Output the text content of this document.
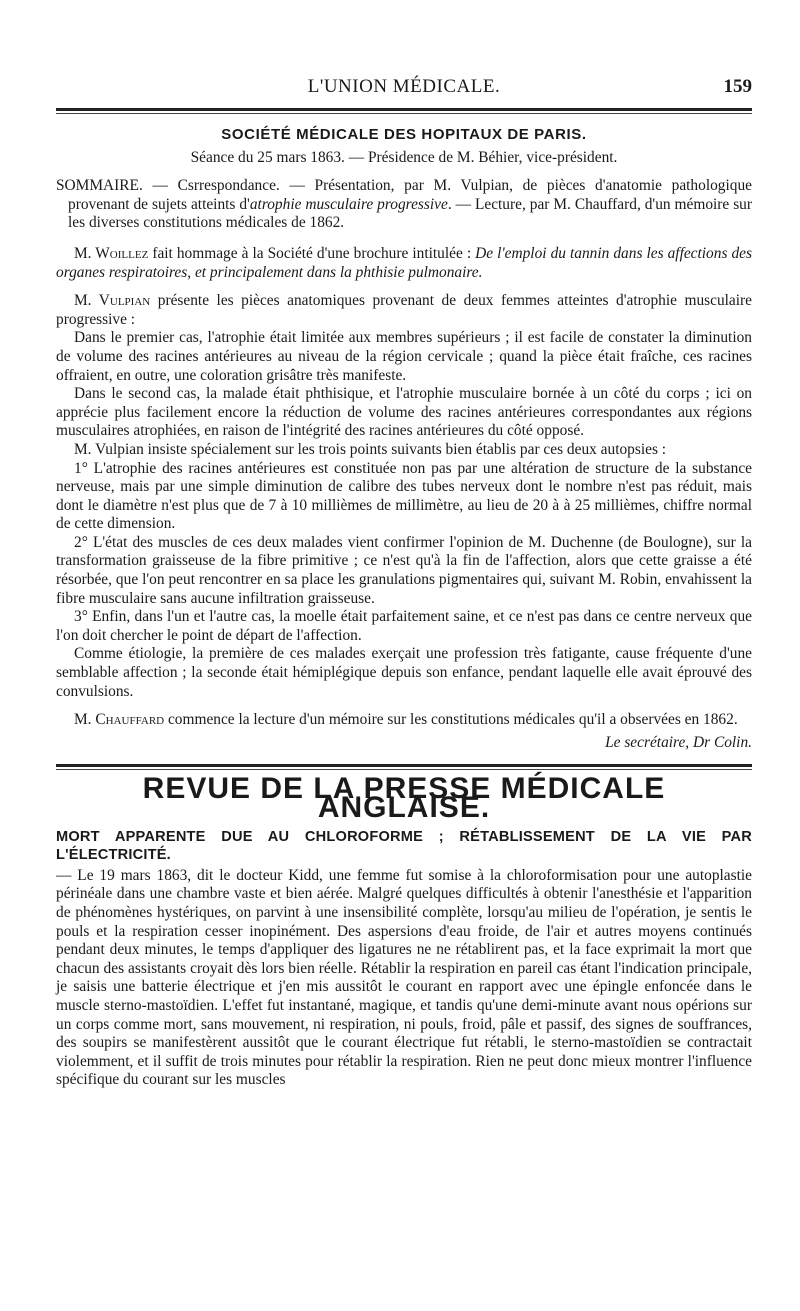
L'UNION MÉDICALE.	159
SOCIÉTÉ MÉDICALE DES HOPITAUX DE PARIS.
Séance du 25 mars 1863. — Présidence de M. Béhier, vice-président.
SOMMAIRE. — Csrrespondance. — Présentation, par M. Vulpian, de pièces d'anatomie pathologique provenant de sujets atteints d'atrophie musculaire progressive. — Lecture, par M. Chauffard, d'un mémoire sur les diverses constitutions médicales de 1862.

M. Woillez fait hommage à la Société d'une brochure intitulée : De l'emploi du tannin dans les affections des organes respiratoires, et principalement dans la phthisie pulmonaire.

M. Vulpian présente les pièces anatomiques provenant de deux femmes atteintes d'atrophie musculaire progressive :

Dans le premier cas, l'atrophie était limitée aux membres supérieurs ; il est facile de constater la diminution de volume des racines antérieures au niveau de la région cervicale ; quand la pièce était fraîche, ces racines offraient, en outre, une coloration grisâtre très manifeste.

Dans le second cas, la malade était phthisique, et l'atrophie musculaire bornée à un côté du corps ; ici on apprécie plus facilement encore la réduction de volume des racines antérieures correspondantes aux régions musculaires atrophiées, en raison de l'intégrité des racines antérieures du côté opposé.

M. Vulpian insiste spécialement sur les trois points suivants bien établis par ces deux autopsies :

1° L'atrophie des racines antérieures est constituée non pas par une altération de structure de la substance nerveuse, mais par une simple diminution de calibre des tubes nerveux dont le nombre n'est pas réduit, mais dont le diamètre n'est plus que de 7 à 10 millièmes de millimètre, au lieu de 20 à à 25 millièmes, chiffre normal de cette dimension.

2° L'état des muscles de ces deux malades vient confirmer l'opinion de M. Duchenne (de Boulogne), sur la transformation graisseuse de la fibre primitive ; ce n'est qu'à la fin de l'affection, alors que cette graisse a été résorbée, que l'on peut rencontrer en sa place les granulations pigmentaires qui, suivant M. Robin, envahissent la fibre musculaire sans aucune infiltration graisseuse.

3° Enfin, dans l'un et l'autre cas, la moelle était parfaitement saine, et ce n'est pas dans ce centre nerveux que l'on doit chercher le point de départ de l'affection.

Comme étiologie, la première de ces malades exerçait une profession très fatigante, cause fréquente d'une semblable affection ; la seconde était hémiplégique depuis son enfance, pendant laquelle elle avait éprouvé des convulsions.

M. Chauffard commence la lecture d'un mémoire sur les constitutions médicales qu'il a observées en 1862.

Le secrétaire, Dr Colin.
REVUE DE LA PRESSE MÉDICALE ANGLAISE.

MORT APPARENTE DUE AU CHLOROFORME ; RÉTABLISSEMENT DE LA VIE PAR L'ÉLECTRICITÉ.

— Le 19 mars 1863, dit le docteur Kidd, une femme fut somise à la chloroformisation pour une autoplastie périnéale dans une chambre vaste et bien aérée. Malgré quelques difficultés à obtenir l'anesthésie et l'apparition de phénomènes hystériques, on parvint à une insensibilité complète, lorsqu'au milieu de l'opération, je sentis le pouls et la respiration cesser inopinément. Des aspersions d'eau froide, de l'air et autres moyens continués pendant deux minutes, le temps d'appliquer des ligatures ne ne rétablirent pas, et la face exprimait la mort que chacun des assistants croyait dès lors bien réelle. Rétablir la respiration en pareil cas étant l'indication principale, je saisis une batterie électrique et j'en mis aussitôt le courant en rapport avec une épingle enfoncée dans le muscle sterno-mastoïdien. L'effet fut instantané, magique, et tandis qu'une demi-minute avant nous opérions sur un corps comme mort, sans mouvement, ni respiration, ni pouls, froid, pâle et passif, des signes de souffrances, des soupirs se manifestèrent aussitôt que le courant électrique fut rétabli, le sterno-mastoïdien se contractait violemment, et il suffit de trois minutes pour rétablir la respiration. Rien ne peut donc mieux montrer l'influence spécifique du courant sur les muscles
